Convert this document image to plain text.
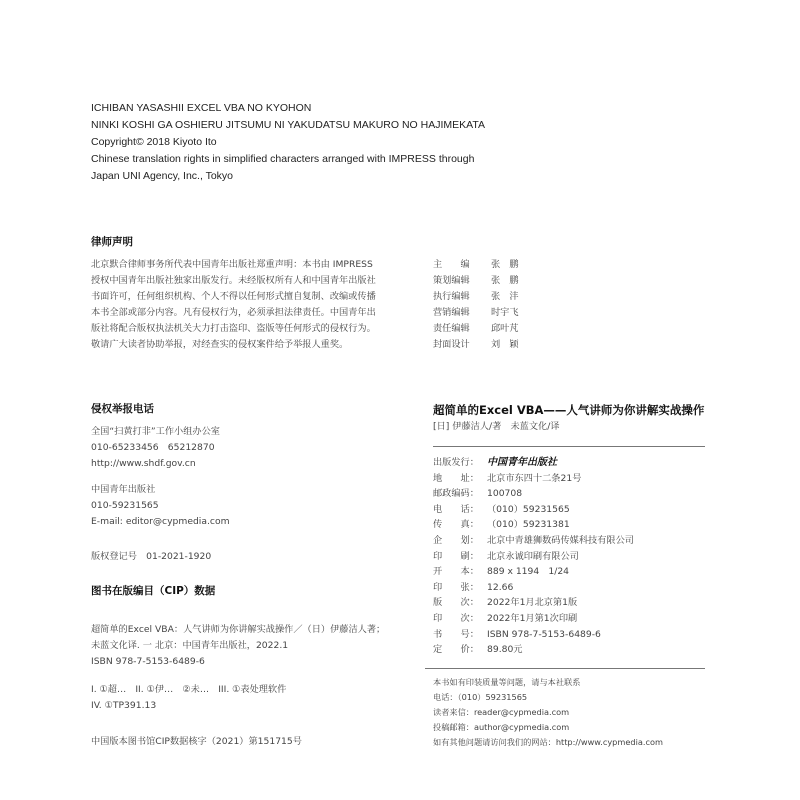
ICHIBAN YASASHII EXCEL VBA NO KYOHON
NINKI KOSHI GA OSHIERU JITSUMU NI YAKUDATSU MAKURO NO HAJIMEKATA
Copyright© 2018 Kiyoto Ito
Chinese translation rights in simplified characters arranged with IMPRESS through
Japan UNI Agency, Inc., Tokyo
律师声明
北京默合律师事务所代表中国青年出版社郑重声明：本书由 IMPRESS
授权中国青年出版社独家出版发行。未经版权所有人和中国青年出版社
书面许可，任何组织机构、个人不得以任何形式擅自复制、改编或传播
本书全部或部分内容。凡有侵权行为，必须承担法律责任。中国青年出
版社将配合版权执法机关大力打击盗印、盗版等任何形式的侵权行为。
敬请广大读者协助举报，对经查实的侵权案件给予举报人重奖。
主　　编	张　鹏
策划编辑	张　鹏
执行编辑	张　沣
营销编辑	时宇飞
责任编辑	邱叶芃
封面设计	刘　颖
侵权举报电话
全国“扫黄打非”工作小组办公室
010-65233456　65212870
http://www.shdf.gov.cn
中国青年出版社
010-59231565
E-mail: editor@cypmedia.com
版权登记号　01-2021-1920
图书在版编目（CIP）数据
超简单的Excel VBA：人气讲师为你讲解实战操作／（日）伊藤洁人著；
未蓝文化译. 一 北京：中国青年出版社，2022.1
ISBN 978-7-5153-6489-6
I. ①超…　II. ①伊…　②未…　III. ①表处理软件
IV. ①TP391.13
中国版本图书馆CIP数据核字（2021）第151715号
超简单的Excel VBA——人气讲师为你讲解实战操作
[日] 伊藤洁人/著　未蓝文化/译
出版发行： 中国青年出版社
地　　址： 北京市东四十二条21号
邮政编码： 100708
电　　话： （010）59231565
传　　真： （010）59231381
企　　划： 北京中青雄狮数码传媒科技有限公司
印　　刷： 北京永诚印刷有限公司
开　　本： 889 x 1194　1/24
印　　张： 12.66
版　　次： 2022年1月北京第1版
印　　次： 2022年1月第1次印刷
书　　号： ISBN 978-7-5153-6489-6
定　　价： 89.80元
本书如有印装质量等问题，请与本社联系
电话：（010）59231565
读者来信：reader@cypmedia.com
投稿邮箱：author@cypmedia.com
如有其他问题请访问我们的网站：http://www.cypmedia.com
